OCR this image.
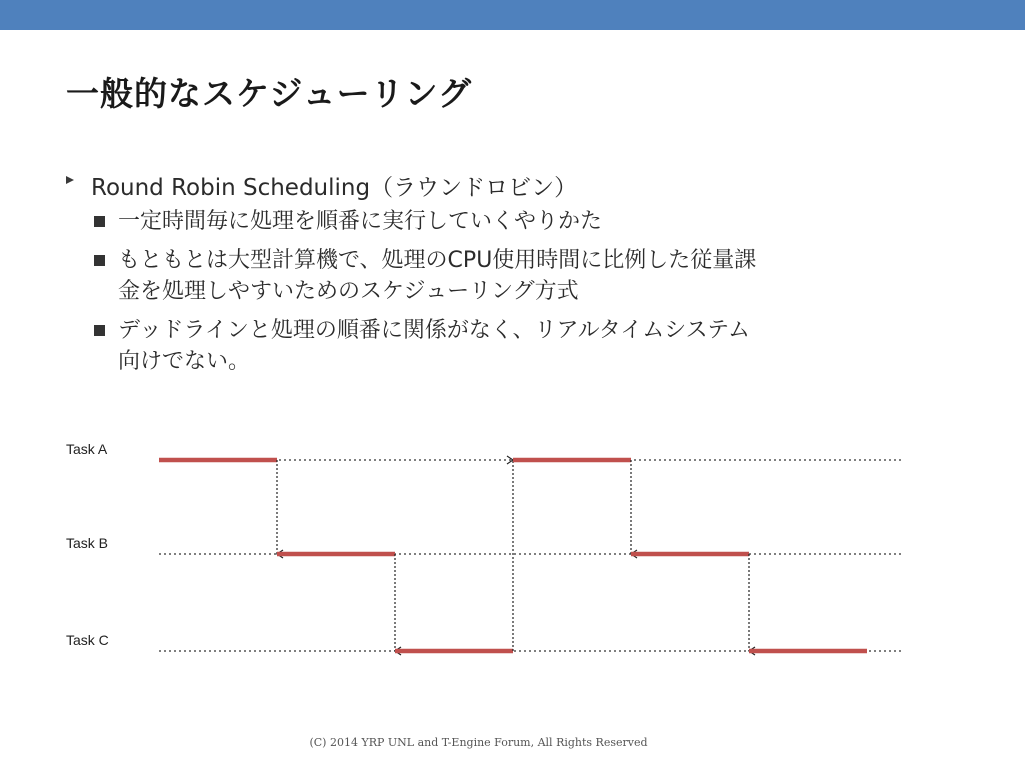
一般的なスケジューリング
Round Robin Scheduling（ラウンドロビン）
一定時間毎に処理を順番に実行していくやりかた
もともとは大型計算機で、処理のCPU使用時間に比例した従量課
金を処理しやすいためのスケジューリング方式
デッドラインと処理の順番に関係がなく、リアルタイムシステム
向けでない。
Task A
Task B
Task C
(C) 2014 YRP UNL and T-Engine Forum, All Rights Reserved
